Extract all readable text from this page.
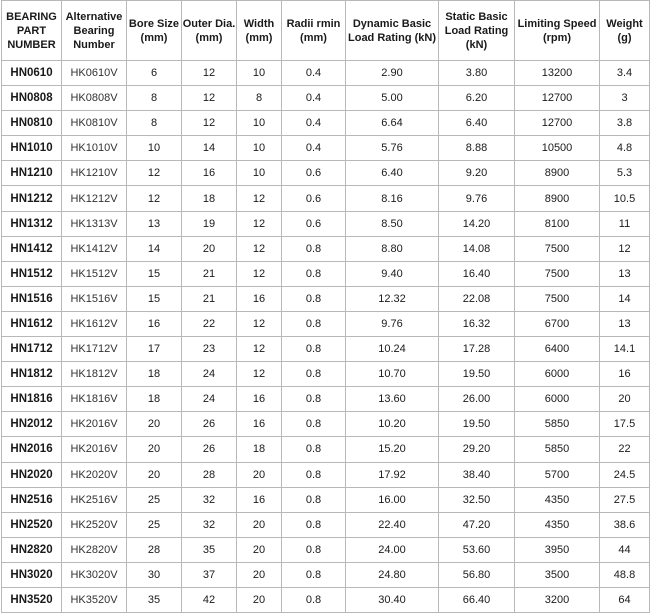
BEARING PART NUMBER	Alternative Bearing Number	Bore Size (mm)	Outer Dia. (mm)	Width (mm)	Radii rmin (mm)	Dynamic Basic Load Rating (kN)	Static Basic Load Rating (kN)	Limiting Speed (rpm)	Weight (g)
HN0610	HK0610V	6	12	10	0.4	2.90	3.80	13200	3.4
HN0808	HK0808V	8	12	8	0.4	5.00	6.20	12700	3
HN0810	HK0810V	8	12	10	0.4	6.64	6.40	12700	3.8
HN1010	HK1010V	10	14	10	0.4	5.76	8.88	10500	4.8
HN1210	HK1210V	12	16	10	0.6	6.40	9.20	8900	5.3
HN1212	HK1212V	12	18	12	0.6	8.16	9.76	8900	10.5
HN1312	HK1313V	13	19	12	0.6	8.50	14.20	8100	11
HN1412	HK1412V	14	20	12	0.8	8.80	14.08	7500	12
HN1512	HK1512V	15	21	12	0.8	9.40	16.40	7500	13
HN1516	HK1516V	15	21	16	0.8	12.32	22.08	7500	14
HN1612	HK1612V	16	22	12	0.8	9.76	16.32	6700	13
HN1712	HK1712V	17	23	12	0.8	10.24	17.28	6400	14.1
HN1812	HK1812V	18	24	12	0.8	10.70	19.50	6000	16
HN1816	HK1816V	18	24	16	0.8	13.60	26.00	6000	20
HN2012	HK2016V	20	26	16	0.8	10.20	19.50	5850	17.5
HN2016	HK2016V	20	26	18	0.8	15.20	29.20	5850	22
HN2020	HK2020V	20	28	20	0.8	17.92	38.40	5700	24.5
HN2516	HK2516V	25	32	16	0.8	16.00	32.50	4350	27.5
HN2520	HK2520V	25	32	20	0.8	22.40	47.20	4350	38.6
HN2820	HK2820V	28	35	20	0.8	24.00	53.60	3950	44
HN3020	HK3020V	30	37	20	0.8	24.80	56.80	3500	48.8
HN3520	HK3520V	35	42	20	0.8	30.40	66.40	3200	64
